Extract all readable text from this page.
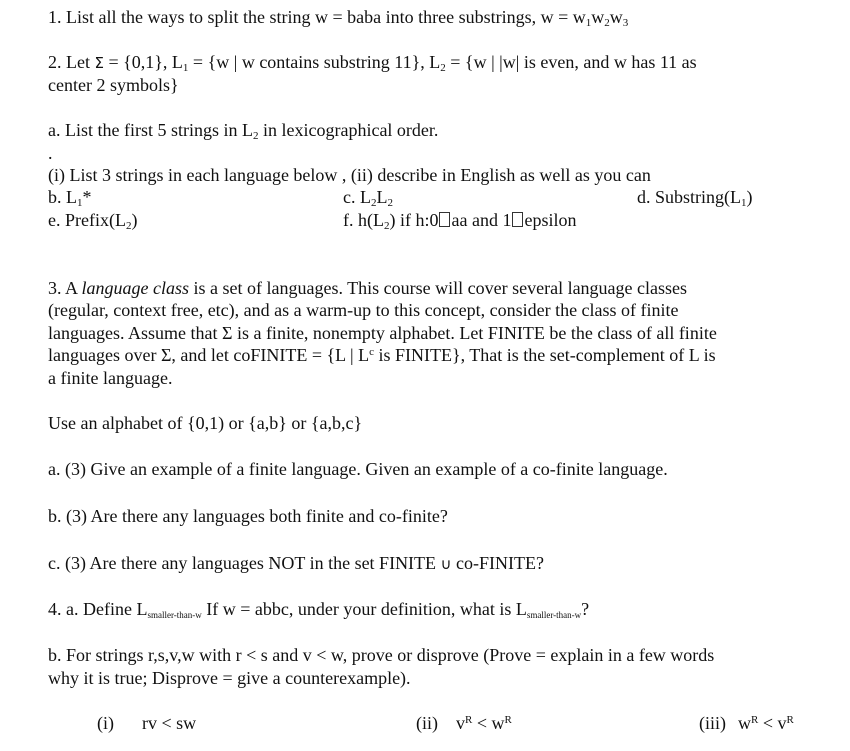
1. List all the ways to split the string w = baba into three substrings, $w = w_1w_2w_3$
2. Let Σ = {0,1}, $L_1 = \{w$ | w contains substring 11}, $L_2 = \{w$ | |w| is even, and w has 11 as
center 2 symbols}
a. List the first 5 strings in $L_2$ in lexicographical order.
.
(i) List 3 strings in each language below , (ii) describe in English as well as you can
b. $L_1*$	c. $L_2L_2$	d. $Substring(L_1)$
e. $Prefix(L_2)$	f. $h(L_2)$ if h:0 aa and 1 epsilon
3. A language class is a set of languages. This course will cover several language classes
(regular, context free, etc), and as a warm-up to this concept, consider the class of finite
languages. Assume that Σ is a finite, nonempty alphabet. Let FINITE be the class of all finite
languages over Σ, and let coFINITE = {L | $L^c$ is FINITE}, That is the set-complement of L is
a finite language.
Use an alphabet of {0,1) or {a,b} or {a,b,c}
a. (3) Give an example of a finite language. Given an example of a co-finite language.
b. (3) Are there any languages both finite and co-finite?
c. (3) Are there any languages NOT in the set FINITE ∪ co-FINITE?
4. a. Define Lsmaller-than-w If w = abbc, under your definition, what is Lsmaller-than-w?
b. For strings r,s,v,w with r < s and v < w, prove or disprove (Prove = explain in a few words
why it is true; Disprove = give a counterexample).
(i) rv < sw	(ii) $v^R < w^R$	(iii) $w^R < v^R$
